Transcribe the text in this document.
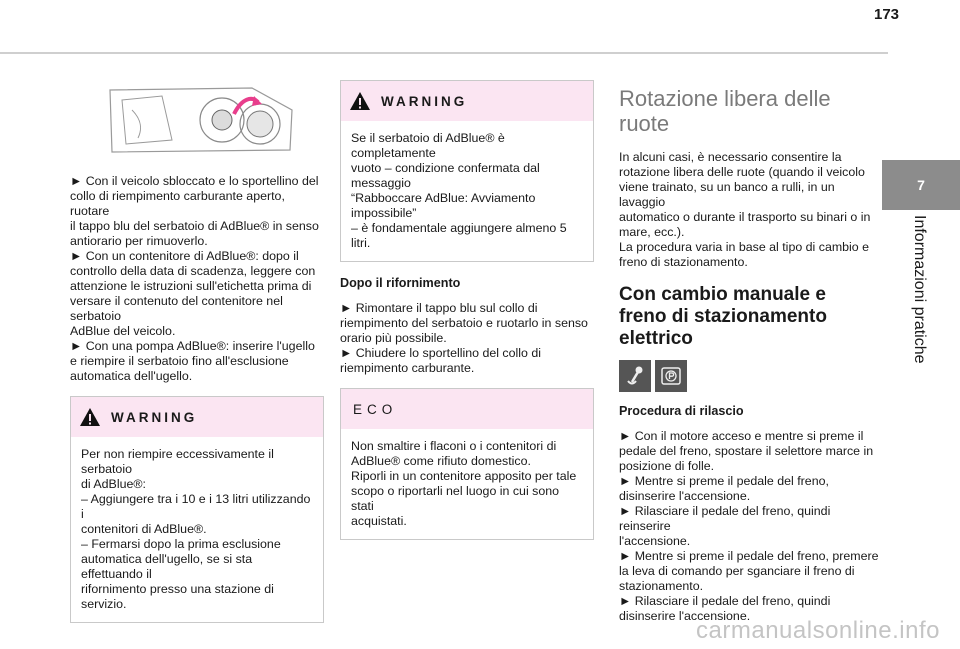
173
7
Informazioni pratiche
► Con il veicolo sbloccato e lo sportellino del
collo di riempimento carburante aperto, ruotare
il tappo blu del serbatoio di AdBlue® in senso
antiorario per rimuoverlo.
► Con un contenitore di AdBlue®: dopo il
controllo della data di scadenza, leggere con
attenzione le istruzioni sull'etichetta prima di
versare il contenuto del contenitore nel serbatoio
AdBlue del veicolo.
► Con una pompa AdBlue®: inserire l'ugello
e riempire il serbatoio fino all'esclusione
automatica dell'ugello.
WARNING
Per non riempire eccessivamente il serbatoio
di AdBlue®:
– Aggiungere tra i 10 e i 13 litri utilizzando i
contenitori di AdBlue®.
– Fermarsi dopo la prima esclusione
automatica dell'ugello, se si sta effettuando il
rifornimento presso una stazione di servizio.
WARNING
Se il serbatoio di AdBlue® è completamente
vuoto – condizione confermata dal messaggio
“Rabboccare AdBlue: Avviamento impossibile”
– è fondamentale aggiungere almeno 5 litri.
Dopo il rifornimento
► Rimontare il tappo blu sul collo di
riempimento del serbatoio e ruotarlo in senso
orario più possibile.
► Chiudere lo sportellino del collo di
riempimento carburante.
ECO
Non smaltire i flaconi o i contenitori di
AdBlue® come rifiuto domestico.
Riporli in un contenitore apposito per tale
scopo o riportarli nel luogo in cui sono stati
acquistati.
Rotazione libera delle
ruote
In alcuni casi, è necessario consentire la
rotazione libera delle ruote (quando il veicolo
viene trainato, su un banco a rulli, in un lavaggio
automatico o durante il trasporto su binari o in
mare, ecc.).
La procedura varia in base al tipo di cambio e
freno di stazionamento.
Con cambio manuale e
freno di stazionamento
elettrico
Procedura di rilascio
► Con il motore acceso e mentre si preme il
pedale del freno, spostare il selettore marce in
posizione di folle.
► Mentre si preme il pedale del freno,
disinserire l'accensione.
► Rilasciare il pedale del freno, quindi reinserire
l'accensione.
► Mentre si preme il pedale del freno, premere
la leva di comando per sganciare il freno di
stazionamento.
► Rilasciare il pedale del freno, quindi
disinserire l'accensione.
carmanualsonline.info
